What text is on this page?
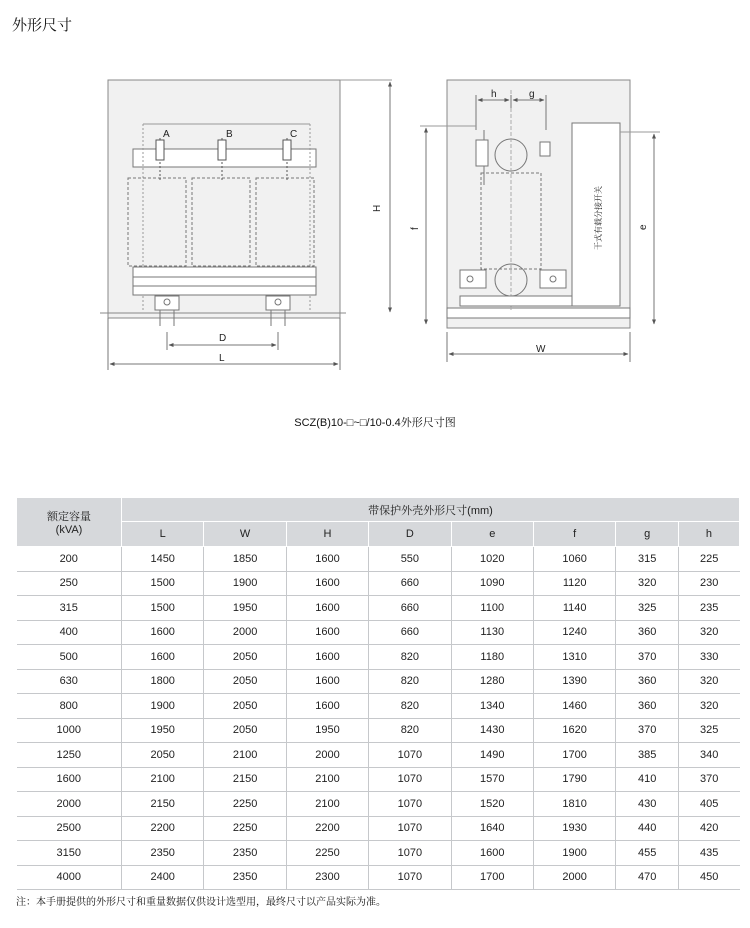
外形尺寸
A	B	C
H
D
L
h	g
f	e
W
干式有载分接开关
SCZ(B)10-□~□/10-0.4外形尺寸图
额定容量
(kVA)	带保护外壳外形尺寸(mm)							
	L	W	H	D	e	f	g	h
200	1450	1850	1600	550	1020	1060	315	225
250	1500	1900	1600	660	1090	1120	320	230
315	1500	1950	1600	660	1100	1140	325	235
400	1600	2000	1600	660	1130	1240	360	320
500	1600	2050	1600	820	1180	1310	370	330
630	1800	2050	1600	820	1280	1390	360	320
800	1900	2050	1600	820	1340	1460	360	320
1000	1950	2050	1950	820	1430	1620	370	325
1250	2050	2100	2000	1070	1490	1700	385	340
1600	2100	2150	2100	1070	1570	1790	410	370
2000	2150	2250	2100	1070	1520	1810	430	405
2500	2200	2250	2200	1070	1640	1930	440	420
3150	2350	2350	2250	1070	1600	1900	455	435
4000	2400	2350	2300	1070	1700	2000	470	450
注：本手册提供的外形尺寸和重量数据仅供设计选型用，最终尺寸以产品实际为准。
